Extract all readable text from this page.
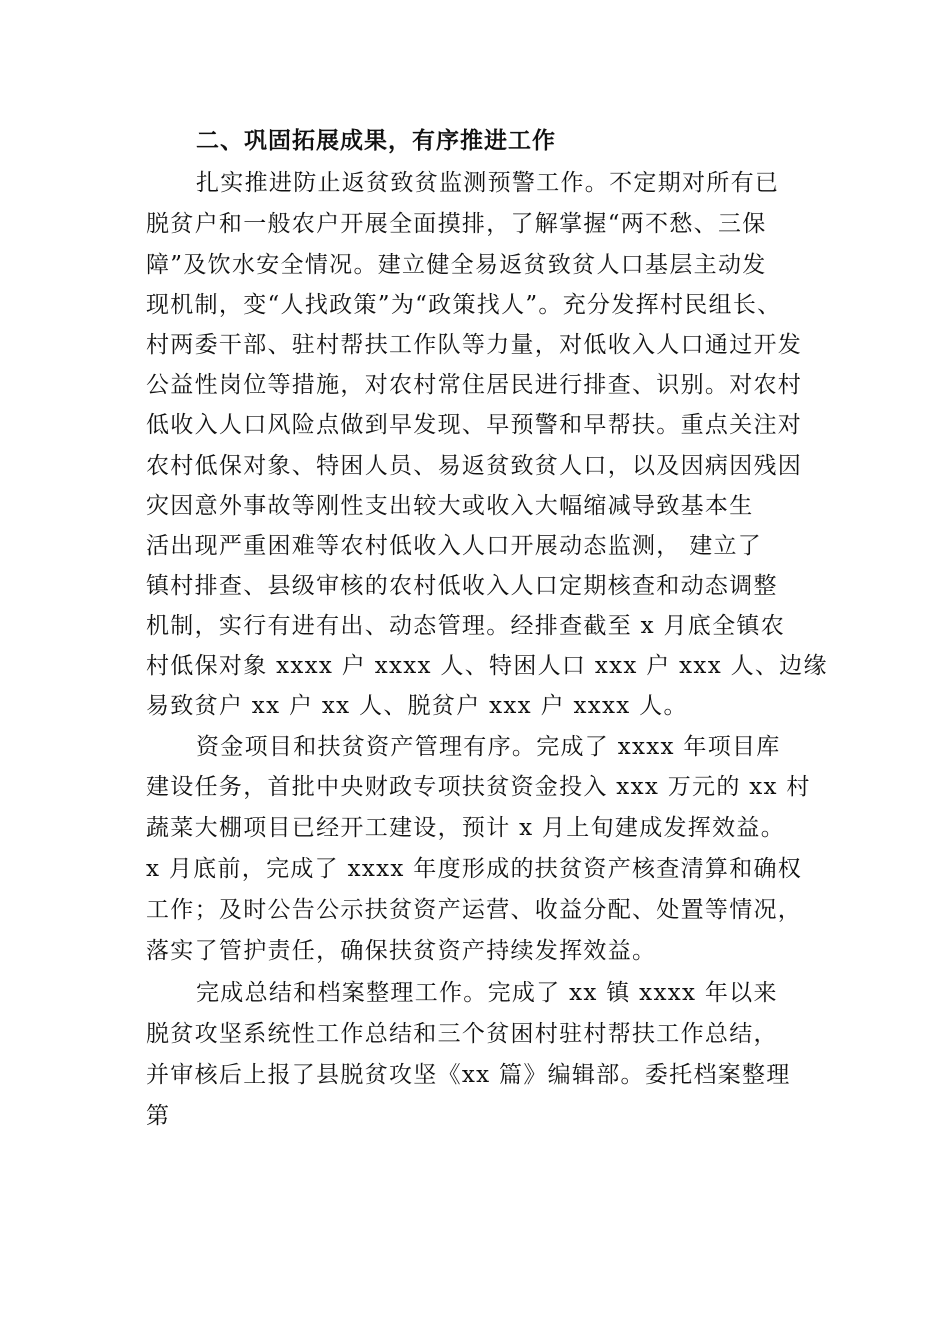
二、巩固拓展成果，有序推进工作
扎实推进防止返贫致贫监测预警工作。不定期对所有已
脱贫户和一般农户开展全面摸排，了解掌握“两不愁、三保
障”及饮水安全情况。建立健全易返贫致贫人口基层主动发
现机制，变“人找政策”为“政策找人”。充分发挥村民组长、
村两委干部、驻村帮扶工作队等力量，对低收入人口通过开发
公益性岗位等措施，对农村常住居民进行排查、识别。对农村
低收入人口风险点做到早发现、早预警和早帮扶。重点关注对
农村低保对象、特困人员、易返贫致贫人口，以及因病因残因
灾因意外事故等刚性支出较大或收入大幅缩减导致基本生
活出现严重困难等农村低收入人口开展动态监测， 建立了
镇村排查、县级审核的农村低收入人口定期核查和动态调整
机制，实行有进有出、动态管理。经排查截至 x 月底全镇农
村低保对象 xxxx 户 xxxx 人、特困人口 xxx 户 xxx 人、边缘
易致贫户 xx 户 xx 人、脱贫户 xxx 户 xxxx 人。
资金项目和扶贫资产管理有序。完成了 xxxx 年项目库
建设任务，首批中央财政专项扶贫资金投入 xxx 万元的 xx 村
蔬菜大棚项目已经开工建设，预计 x 月上旬建成发挥效益。
x 月底前，完成了 xxxx 年度形成的扶贫资产核查清算和确权
工作；及时公告公示扶贫资产运营、收益分配、处置等情况，
落实了管护责任，确保扶贫资产持续发挥效益。
完成总结和档案整理工作。完成了 xx 镇 xxxx 年以来
脱贫攻坚系统性工作总结和三个贫困村驻村帮扶工作总结，
并审核后上报了县脱贫攻坚《xx 篇》编辑部。委托档案整理
第
